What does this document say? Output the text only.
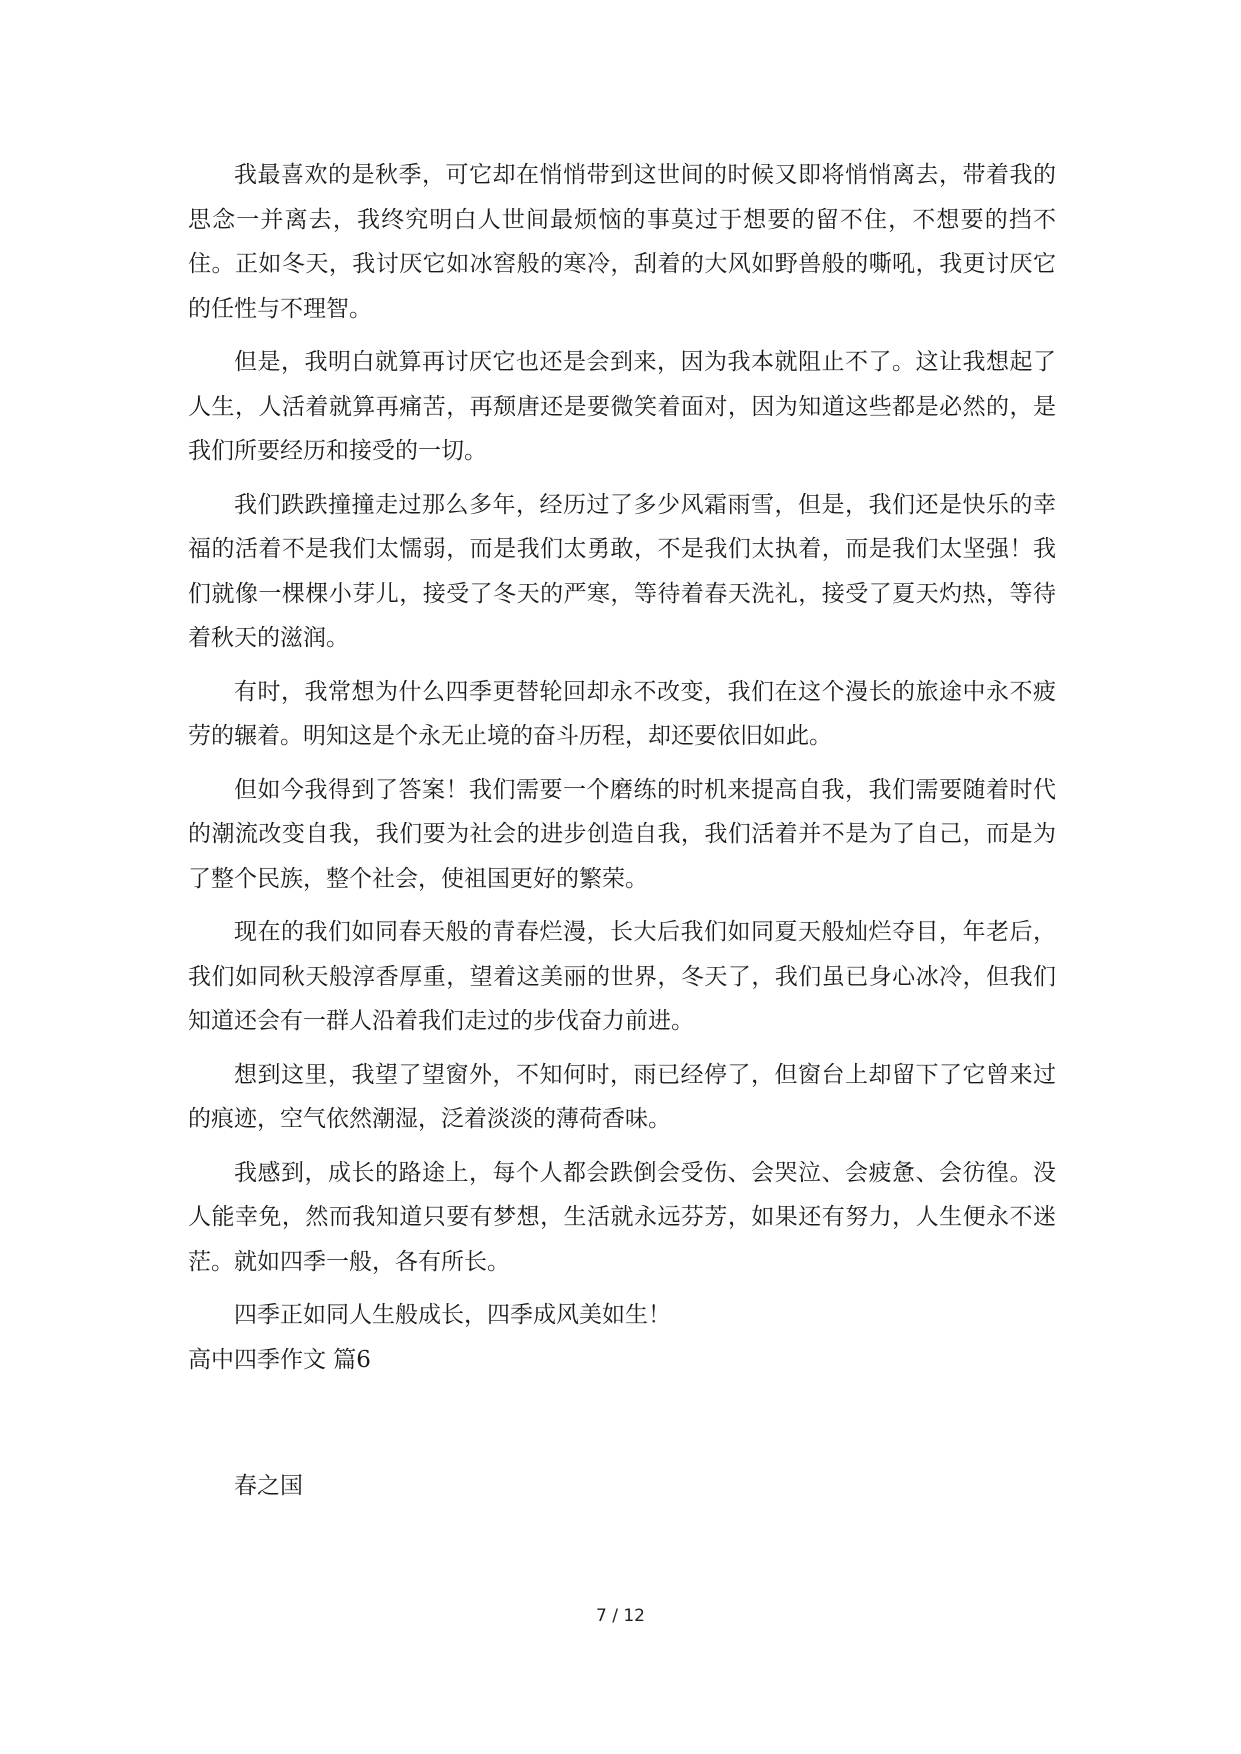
我最喜欢的是秋季，可它却在悄悄带到这世间的时候又即将悄悄离去，带着我的思念一并离去，我终究明白人世间最烦恼的事莫过于想要的留不住，不想要的挡不住。正如冬天，我讨厌它如冰窖般的寒冷，刮着的大风如野兽般的嘶吼，我更讨厌它的任性与不理智。

但是，我明白就算再讨厌它也还是会到来，因为我本就阻止不了。这让我想起了人生，人活着就算再痛苦，再颓唐还是要微笑着面对，因为知道这些都是必然的，是我们所要经历和接受的一切。

我们跌跌撞撞走过那么多年，经历过了多少风霜雨雪，但是，我们还是快乐的幸福的活着不是我们太懦弱，而是我们太勇敢，不是我们太执着，而是我们太坚强！我们就像一棵棵小芽儿，接受了冬天的严寒，等待着春天洗礼，接受了夏天灼热，等待着秋天的滋润。

有时，我常想为什么四季更替轮回却永不改变，我们在这个漫长的旅途中永不疲劳的辗着。明知这是个永无止境的奋斗历程，却还要依旧如此。

但如今我得到了答案！我们需要一个磨练的时机来提高自我，我们需要随着时代的潮流改变自我，我们要为社会的进步创造自我，我们活着并不是为了自己，而是为了整个民族，整个社会，使祖国更好的繁荣。

现在的我们如同春天般的青春烂漫，长大后我们如同夏天般灿烂夺目，年老后，我们如同秋天般淳香厚重，望着这美丽的世界，冬天了，我们虽已身心冰冷，但我们知道还会有一群人沿着我们走过的步伐奋力前进。

想到这里，我望了望窗外，不知何时，雨已经停了，但窗台上却留下了它曾来过的痕迹，空气依然潮湿，泛着淡淡的薄荷香味。

我感到，成长的路途上，每个人都会跌倒会受伤、会哭泣、会疲惫、会彷徨。没人能幸免，然而我知道只要有梦想，生活就永远芬芳，如果还有努力，人生便永不迷茫。就如四季一般，各有所长。

四季正如同人生般成长，四季成风美如生！

高中四季作文 篇6

春之国

7 / 12
